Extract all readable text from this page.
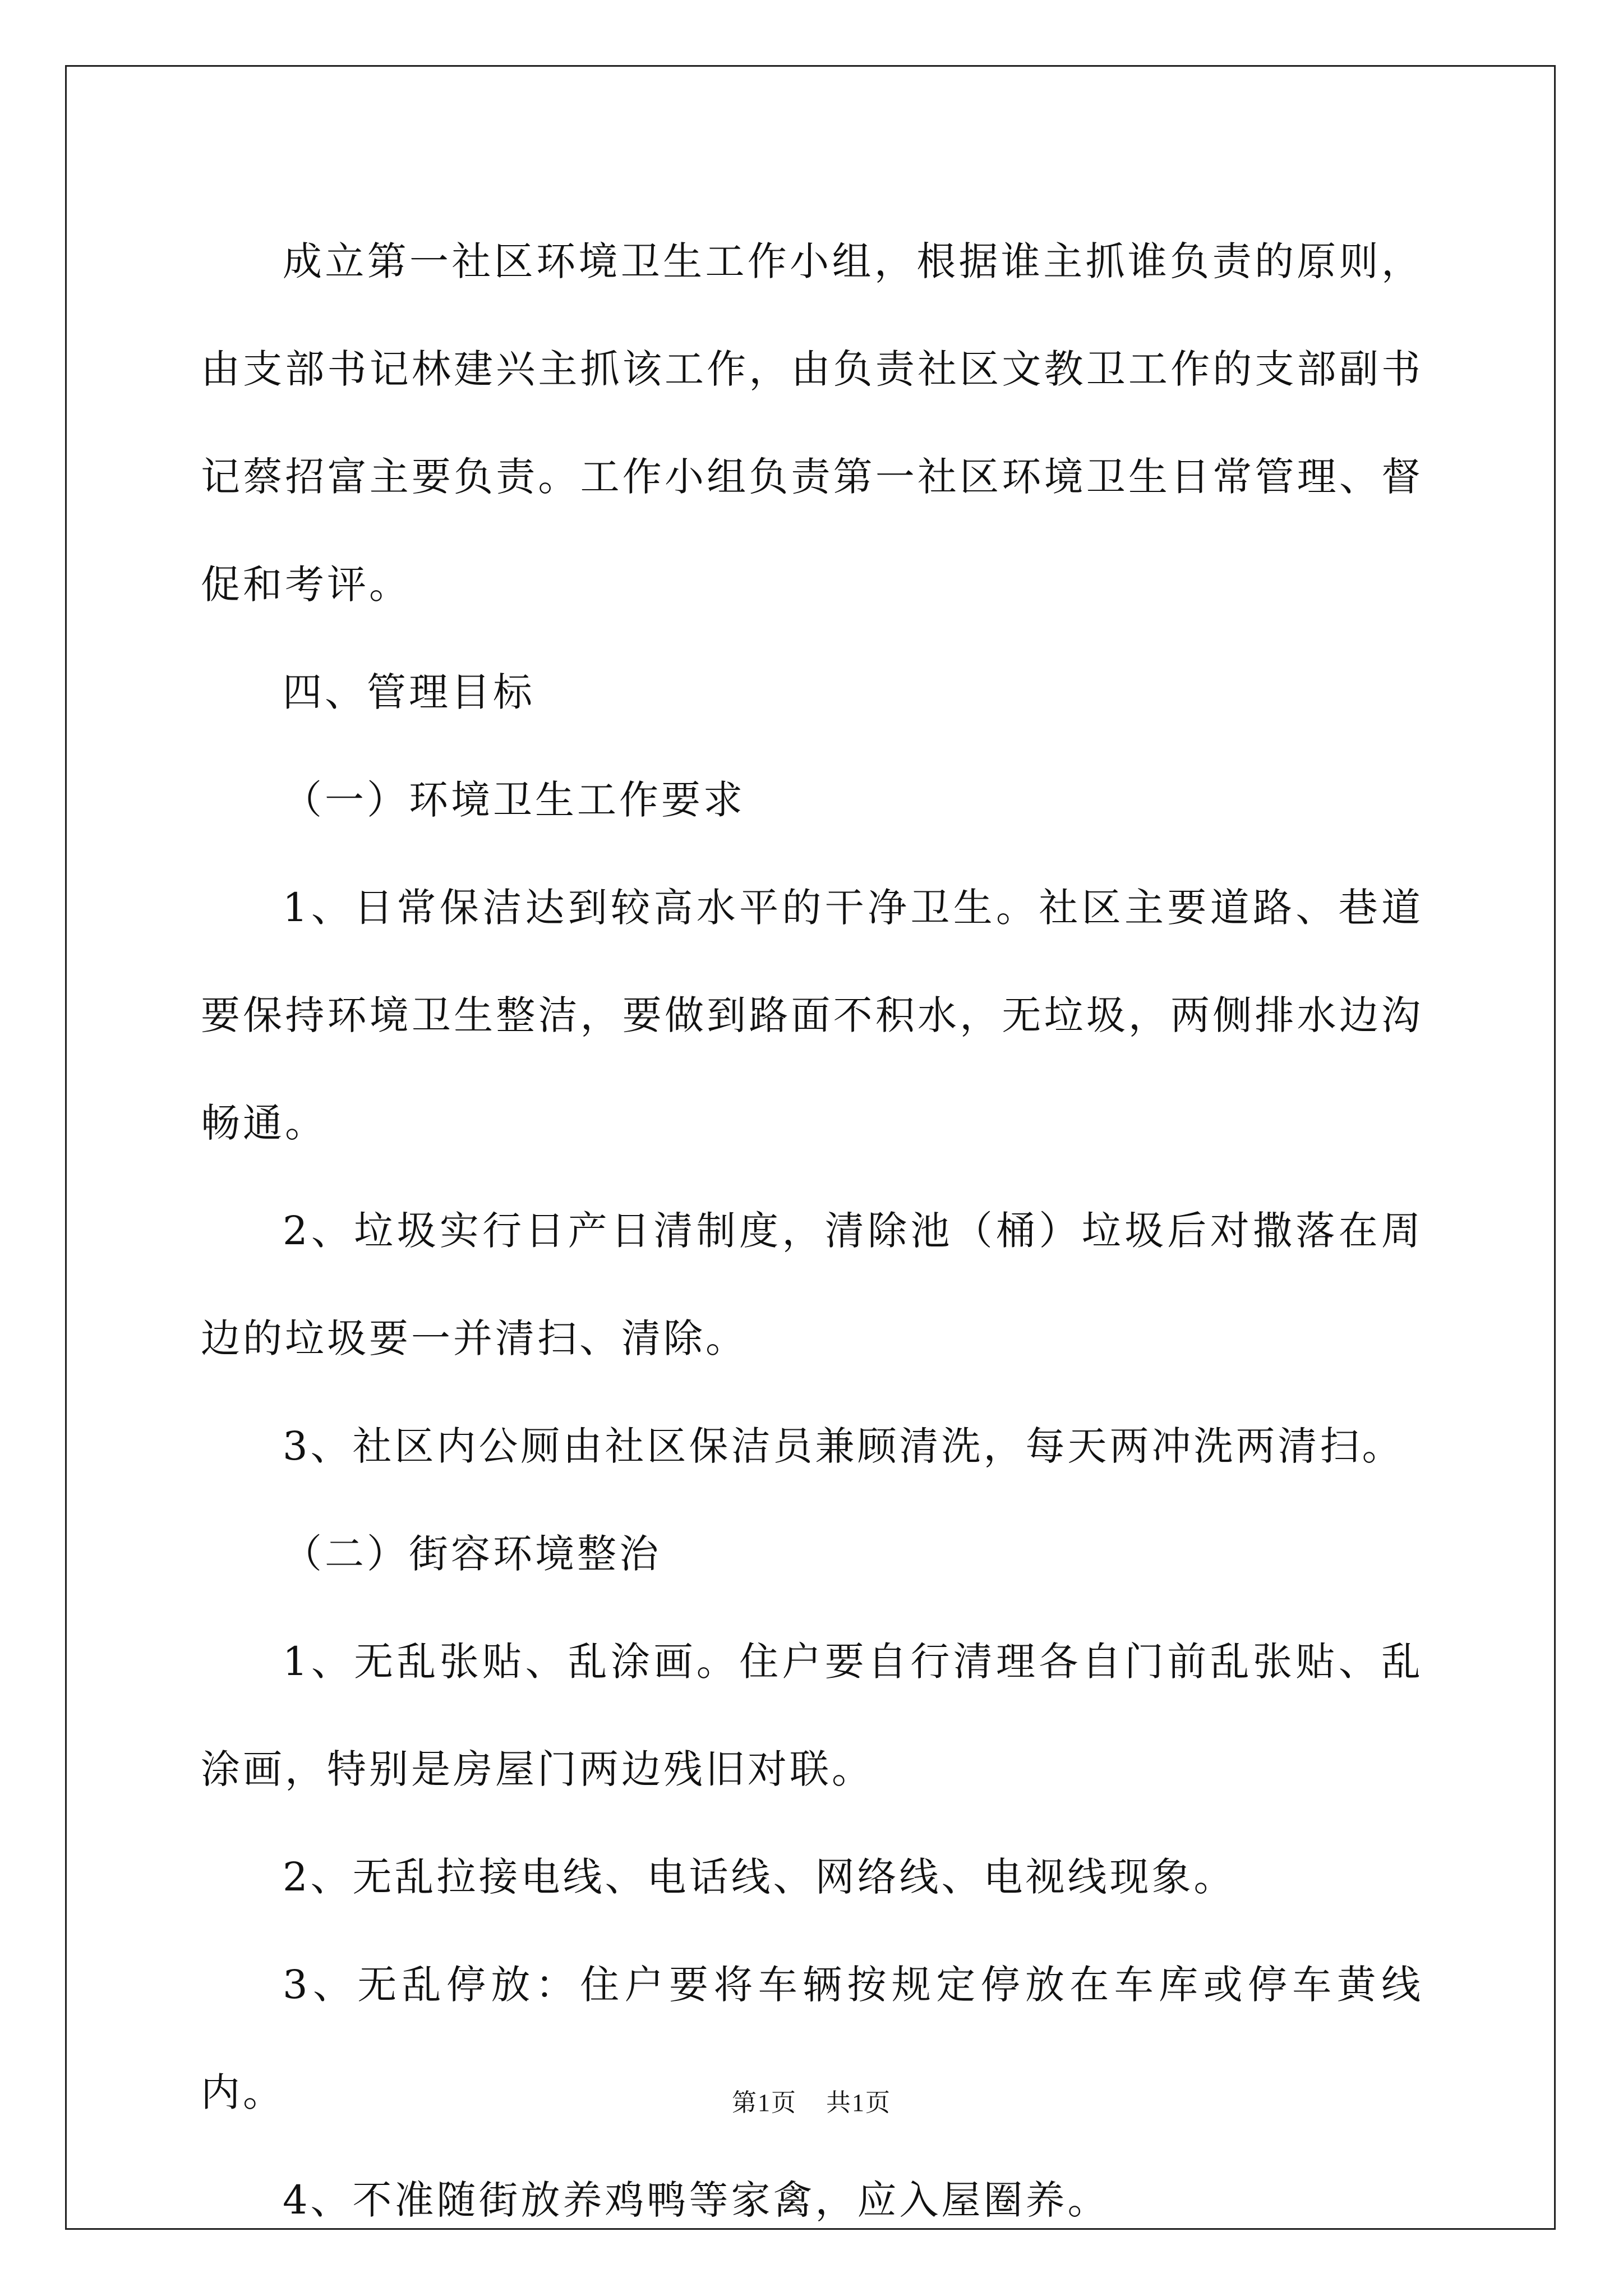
成立第一社区环境卫生工作小组，根据谁主抓谁负责的原则，由支部书记林建兴主抓该工作，由负责社区文教卫工作的支部副书记蔡招富主要负责。工作小组负责第一社区环境卫生日常管理、督促和考评。

四、管理目标

（一）环境卫生工作要求

1、日常保洁达到较高水平的干净卫生。社区主要道路、巷道要保持环境卫生整洁，要做到路面不积水，无垃圾，两侧排水边沟畅通。

2、垃圾实行日产日清制度，清除池（桶）垃圾后对撒落在周边的垃圾要一并清扫、清除。

3、社区内公厕由社区保洁员兼顾清洗，每天两冲洗两清扫。

（二）街容环境整治

1、无乱张贴、乱涂画。住户要自行清理各自门前乱张贴、乱涂画，特别是房屋门两边残旧对联。

2、无乱拉接电线、电话线、网络线、电视线现象。

3、无乱停放：住户要将车辆按规定停放在车库或停车黄线内。

4、不准随街放养鸡鸭等家禽，应入屋圈养。

第1页 共1页
